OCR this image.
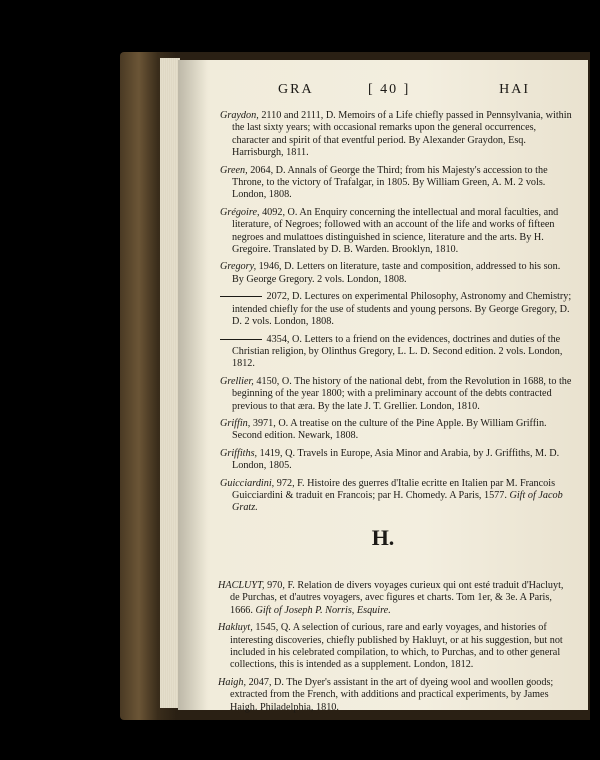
GRA	[ 40 ]	HAI
Graydon, 2110 and 2111, D. Memoirs of a Life chiefly passed in Pennsylvania, within the last sixty years; with occasional remarks upon the general occurrences, character and spirit of that eventful period. By Alexander Graydon, Esq. Harrisburgh, 1811.
Green, 2064, D. Annals of George the Third; from his Majesty's accession to the Throne, to the victory of Trafalgar, in 1805. By William Green, A. M. 2 vols. London, 1808.
Grégoire, 4092, O. An Enquiry concerning the intellectual and moral faculties, and literature, of Negroes; followed with an account of the life and works of fifteen negroes and mulattoes distinguished in science, literature and the arts. By H. Gregoire. Translated by D. B. Warden. Brooklyn, 1810.
Gregory, 1946, D. Letters on literature, taste and composition, addressed to his son. By George Gregory. 2 vols. London, 1808.
2072, D. Lectures on experimental Philosophy, Astronomy and Chemistry; intended chiefly for the use of students and young persons. By George Gregory, D. D. 2 vols. London, 1808.
4354, O. Letters to a friend on the evidences, doctrines and duties of the Christian religion, by Olinthus Gregory, L. L. D. Second edition. 2 vols. London, 1812.
Grellier, 4150, O. The history of the national debt, from the Revolution in 1688, to the beginning of the year 1800; with a preliminary account of the debts contracted previous to that æra. By the late J. T. Grellier. London, 1810.
Griffin, 3971, O. A treatise on the culture of the Pine Apple. By William Griffin. Second edition. Newark, 1808.
Griffiths, 1419, Q. Travels in Europe, Asia Minor and Arabia, by J. Griffiths, M. D. London, 1805.
Guicciardini, 972, F. Histoire des guerres d'Italie ecritte en Italien par M. Francois Guicciardini & traduit en Francois; par H. Chomedy. A Paris, 1577. Gift of Jacob Gratz.
H.
HACLUYT, 970, F. Relation de divers voyages curieux qui ont esté traduit d'Hacluyt, de Purchas, et d'autres voyagers, avec figures et charts. Tom 1er, & 3e. A Paris, 1666. Gift of Joseph P. Norris, Esquire.
Hakluyt, 1545, Q. A selection of curious, rare and early voyages, and histories of interesting discoveries, chiefly published by Hakluyt, or at his suggestion, but not included in his celebrated compilation, to which, to Purchas, and to other general collections, this is intended as a supplement. London, 1812.
Haigh, 2047, D. The Dyer's assistant in the art of dyeing wool and woollen goods; extracted from the French, with additions and practical experiments, by James Haigh. Philadelphia, 1810.
